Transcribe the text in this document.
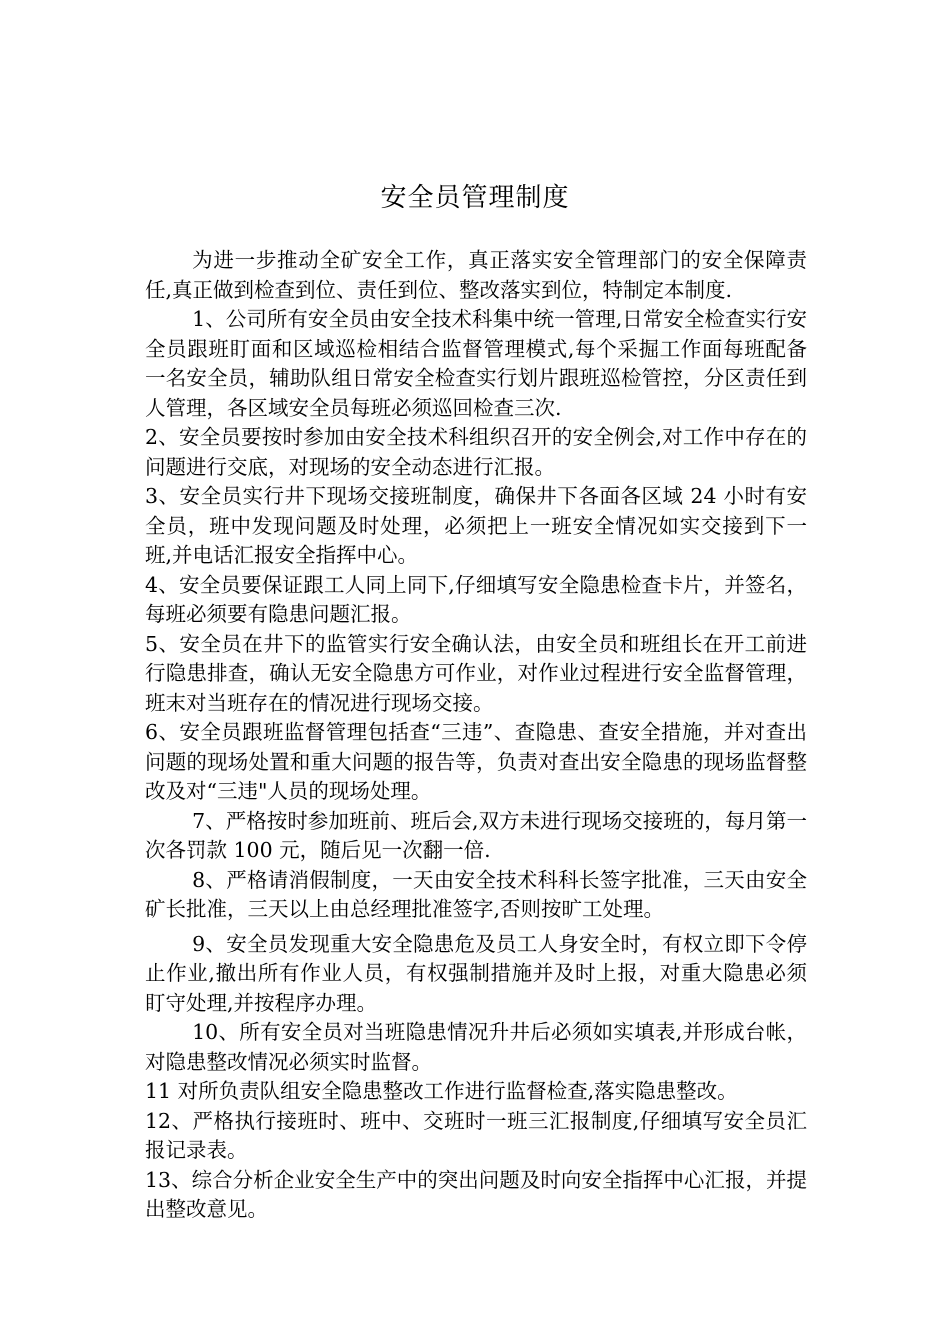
安全员管理制度

为进一步推动全矿安全工作，真正落实安全管理部门的安全保障责任,真正做到检查到位、责任到位、整改落实到位，特制定本制度.

1、公司所有安全员由安全技术科集中统一管理,日常安全检查实行安全员跟班盯面和区域巡检相结合监督管理模式,每个采掘工作面每班配备一名安全员，辅助队组日常安全检查实行划片跟班巡检管控，分区责任到人管理，各区域安全员每班必须巡回检查三次.

2、安全员要按时参加由安全技术科组织召开的安全例会,对工作中存在的问题进行交底，对现场的安全动态进行汇报。

3、安全员实行井下现场交接班制度，确保井下各面各区域 24 小时有安全员，班中发现问题及时处理，必须把上一班安全情况如实交接到下一班,并电话汇报安全指挥中心。

4、安全员要保证跟工人同上同下,仔细填写安全隐患检查卡片，并签名，每班必须要有隐患问题汇报。

5、安全员在井下的监管实行安全确认法，由安全员和班组长在开工前进行隐患排查，确认无安全隐患方可作业，对作业过程进行安全监督管理，班末对当班存在的情况进行现场交接。

6、安全员跟班监督管理包括查“三违”、查隐患、查安全措施，并对查出问题的现场处置和重大问题的报告等，负责对查出安全隐患的现场监督整改及对“三违"人员的现场处理。

7、严格按时参加班前、班后会,双方未进行现场交接班的，每月第一次各罚款 100 元，随后见一次翻一倍.

8、严格请消假制度，一天由安全技术科科长签字批准，三天由安全矿长批准，三天以上由总经理批准签字,否则按旷工处理。

9、安全员发现重大安全隐患危及员工人身安全时，有权立即下令停止作业,撤出所有作业人员，有权强制措施并及时上报，对重大隐患必须盯守处理,并按程序办理。

10、所有安全员对当班隐患情况升井后必须如实填表,并形成台帐，对隐患整改情况必须实时监督。

11 对所负责队组安全隐患整改工作进行监督检查,落实隐患整改。

12、严格执行接班时、班中、交班时一班三汇报制度,仔细填写安全员汇报记录表。

13、综合分析企业安全生产中的突出问题及时向安全指挥中心汇报，并提出整改意见。
